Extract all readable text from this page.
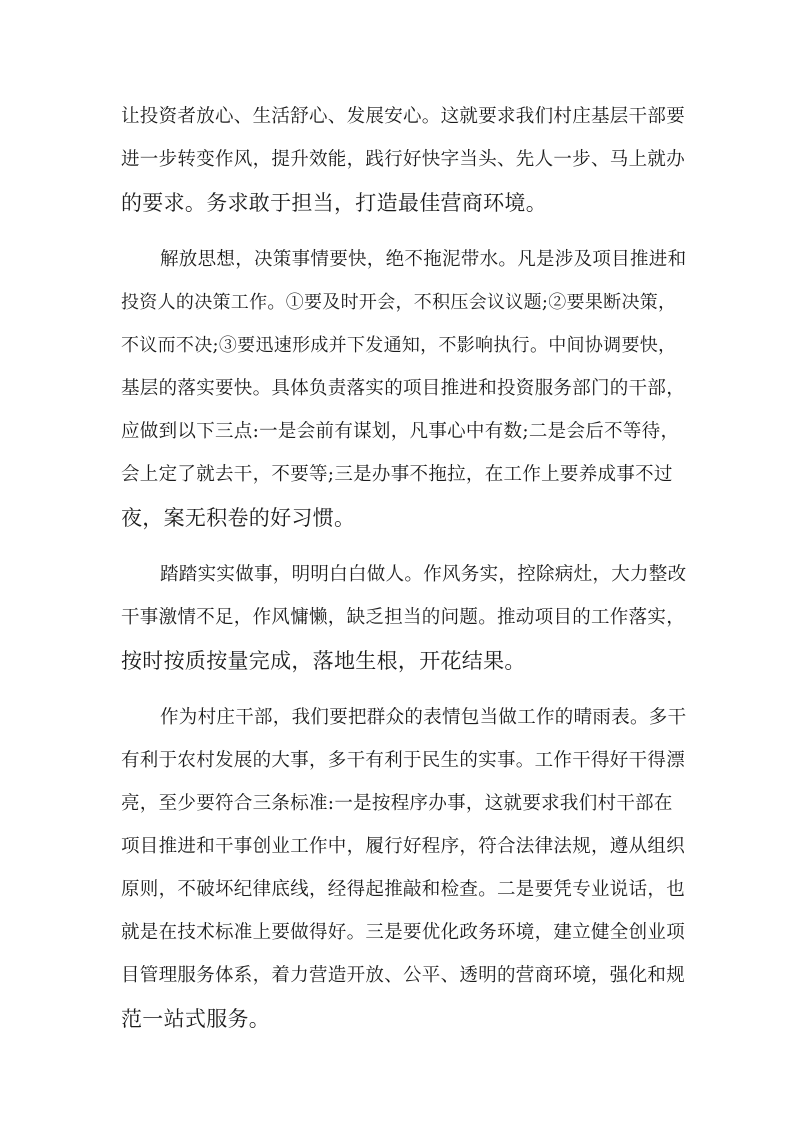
让投资者放心、生活舒心、发展安心。这就要求我们村庄基层干部要
进一步转变作风，提升效能，践行好快字当头、先人一步、马上就办
的要求。务求敢于担当，打造最佳营商环境。
解放思想，决策事情要快，绝不拖泥带水。凡是涉及项目推进和
投资人的决策工作。①要及时开会，不积压会议议题;②要果断决策，
不议而不决;③要迅速形成并下发通知，不影响执行。中间协调要快，
基层的落实要快。具体负责落实的项目推进和投资服务部门的干部，
应做到以下三点:一是会前有谋划，凡事心中有数;二是会后不等待，
会上定了就去干，不要等;三是办事不拖拉，在工作上要养成事不过
夜，案无积卷的好习惯。
踏踏实实做事，明明白白做人。作风务实，控除病灶，大力整改
干事激情不足，作风慵懒，缺乏担当的问题。推动项目的工作落实，
按时按质按量完成，落地生根，开花结果。
作为村庄干部，我们要把群众的表情包当做工作的晴雨表。多干
有利于农村发展的大事，多干有利于民生的实事。工作干得好干得漂
亮，至少要符合三条标准:一是按程序办事，这就要求我们村干部在
项目推进和干事创业工作中，履行好程序，符合法律法规，遵从组织
原则，不破坏纪律底线，经得起推敲和检查。二是要凭专业说话，也
就是在技术标准上要做得好。三是要优化政务环境，建立健全创业项
目管理服务体系，着力营造开放、公平、透明的营商环境，强化和规
范一站式服务。
